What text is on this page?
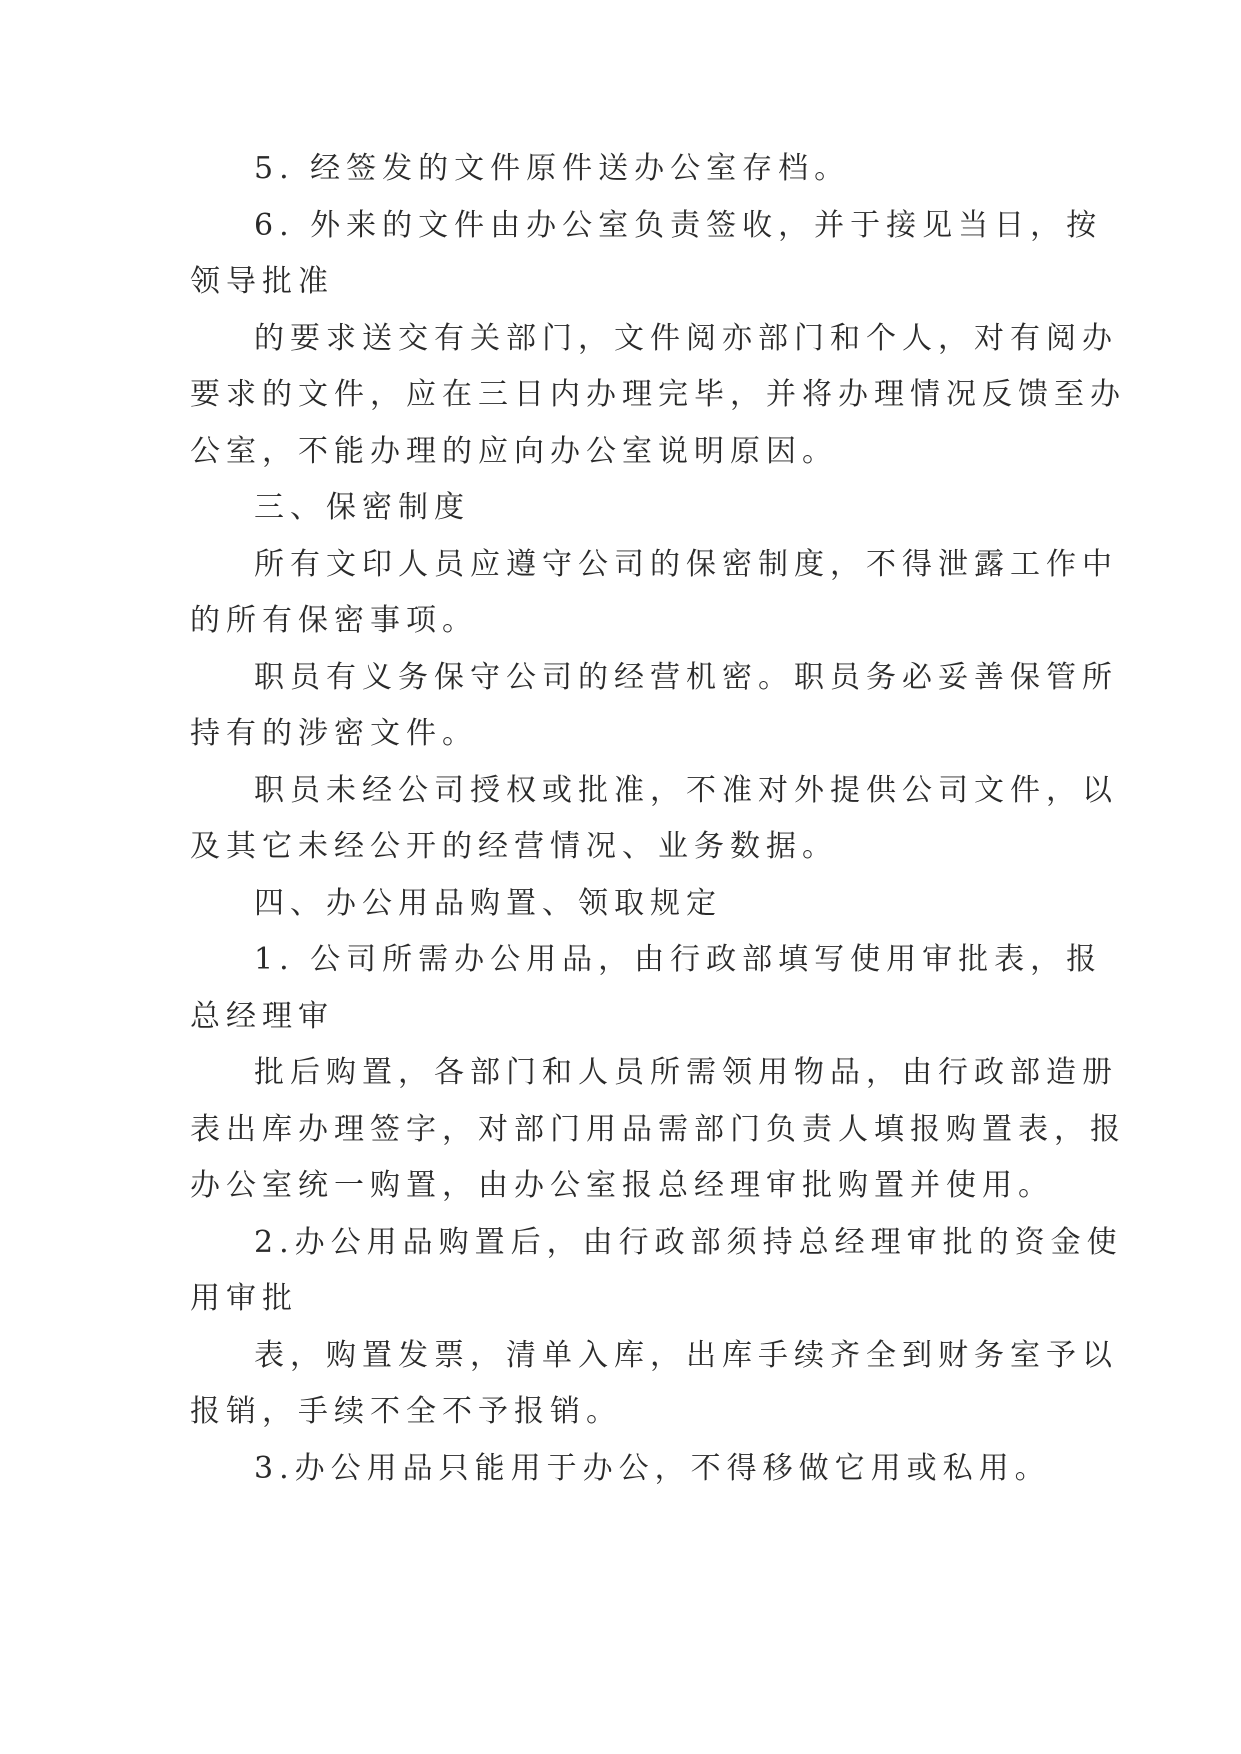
5. 经签发的文件原件送办公室存档。
6. 外来的文件由办公室负责签收，并于接见当日，按
领导批准
的要求送交有关部门，文件阅亦部门和个人，对有阅办
要求的文件，应在三日内办理完毕，并将办理情况反馈至办
公室，不能办理的应向办公室说明原因。
三、保密制度
所有文印人员应遵守公司的保密制度，不得泄露工作中
的所有保密事项。
职员有义务保守公司的经营机密。职员务必妥善保管所
持有的涉密文件。
职员未经公司授权或批准，不准对外提供公司文件，以
及其它未经公开的经营情况、业务数据。
四、办公用品购置、领取规定
1. 公司所需办公用品，由行政部填写使用审批表，报
总经理审
批后购置，各部门和人员所需领用物品，由行政部造册
表出库办理签字，对部门用品需部门负责人填报购置表，报
办公室统一购置，由办公室报总经理审批购置并使用。
2.办公用品购置后，由行政部须持总经理审批的资金使
用审批
表，购置发票，清单入库，出库手续齐全到财务室予以
报销，手续不全不予报销。
3.办公用品只能用于办公，不得移做它用或私用。
